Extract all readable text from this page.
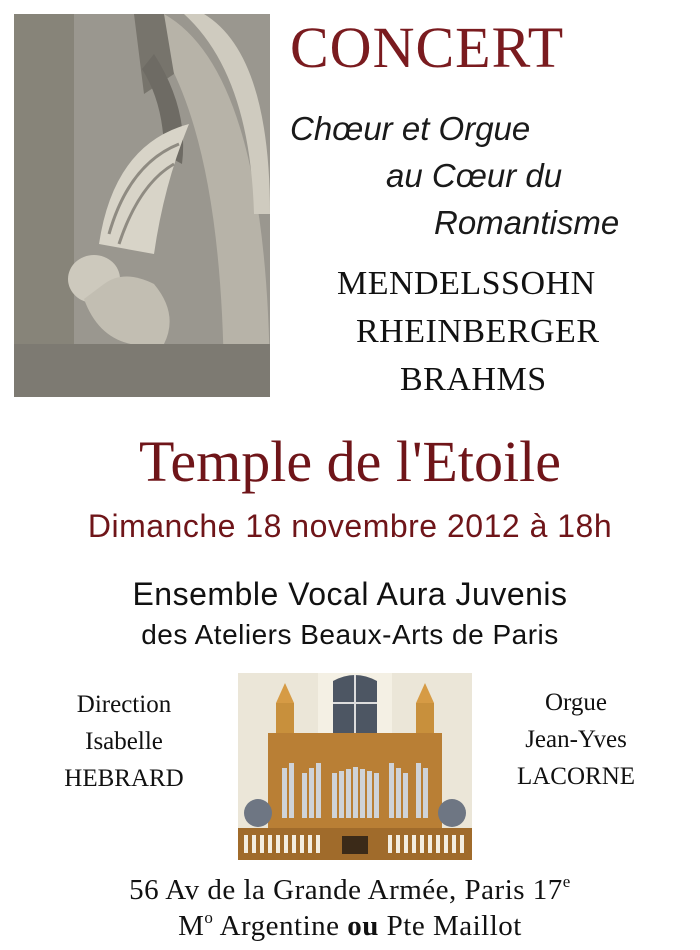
CONCERT
Chœur et Orgue
au Cœur du
Romantisme
MENDELSSOHN
RHEINBERGER
BRAHMS
Temple de l'Etoile
Dimanche 18 novembre 2012 à 18h
Ensemble Vocal Aura Juvenis
des Ateliers Beaux-Arts de Paris
Direction
Isabelle
HEBRARD
Orgue
Jean-Yves
LACORNE
56 Av de la Grande Armée, Paris 17e
$M^o$ Argentine ou Pte Maillot
